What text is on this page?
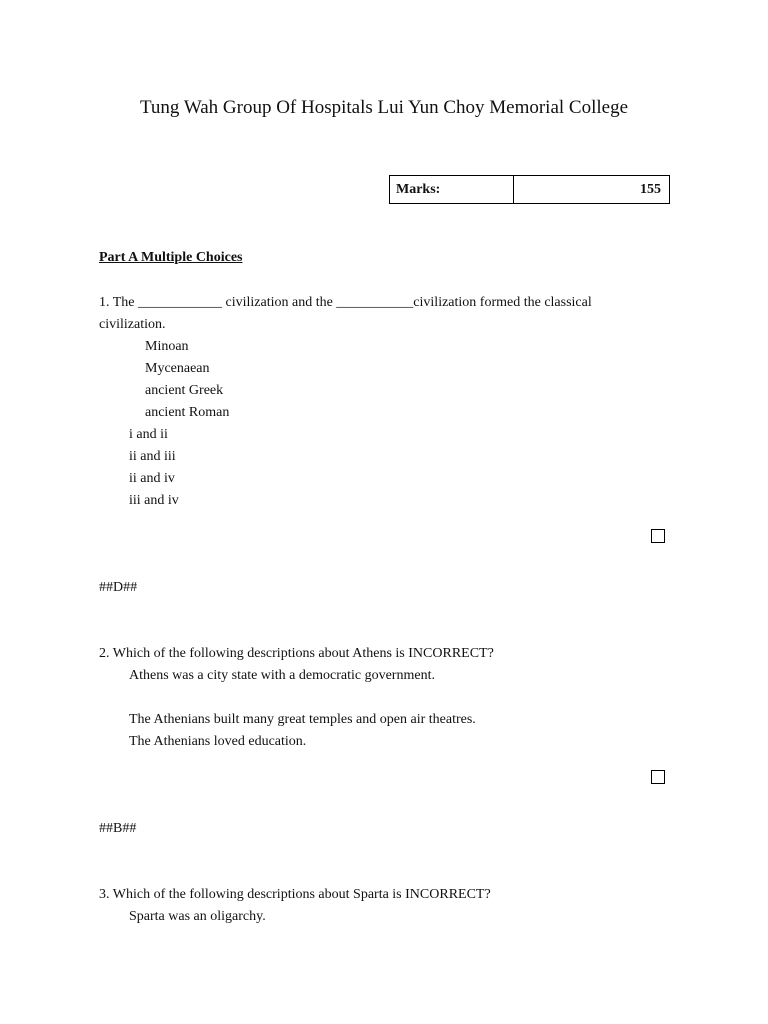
Tung Wah Group Of Hospitals Lui Yun Choy Memorial College
Marks:	155
Part A Multiple Choices
1. The ____________ civilization and the ___________civilization formed the classical
civilization.
Minoan
Mycenaean
ancient Greek
ancient Roman
i and ii
ii and iii
ii and iv
iii and iv
##D##
2. Which of the following descriptions about Athens is INCORRECT?
Athens was a city state with a democratic government.
The Athenians built many great temples and open air theatres.
The Athenians loved education.
##B##
3. Which of the following descriptions about Sparta is INCORRECT?
Sparta was an oligarchy.
